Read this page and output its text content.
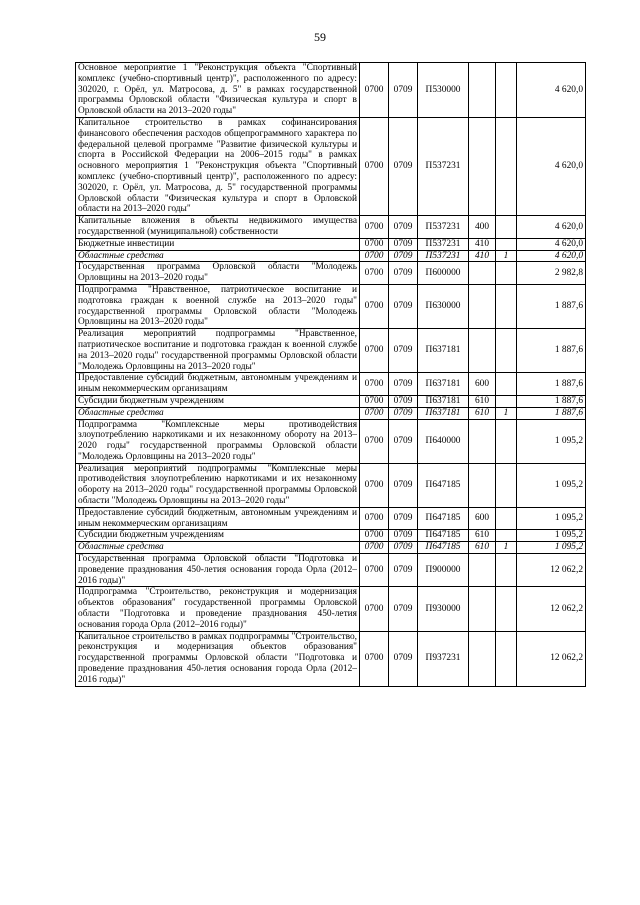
59
Основное мероприятие 1 "Реконструкция объекта "Спортивный комплекс (учебно-спортивный центр)", расположенного по адресу: 302020, г. Орёл, ул. Матросова, д. 5" в рамках государственной программы Орловской области "Физическая культура и спорт в Орловской области на 2013–2020 годы"	0700	0709	П530000			4 620,0
Капитальное строительство в рамках софинансирования финансового обеспечения расходов общепрограммного характера по федеральной целевой программе "Развитие физической культуры и спорта в Российской Федерации на 2006–2015 годы" в рамках основного мероприятия 1 "Реконструкция объекта "Спортивный комплекс (учебно-спортивный центр)", расположенного по адресу: 302020, г. Орёл, ул. Матросова, д. 5" государственной программы Орловской области "Физическая культура и спорт в Орловской области на 2013–2020 годы"	0700	0709	П537231			4 620,0
Капитальные вложения в объекты недвижимого имущества государственной (муниципальной) собственности	0700	0709	П537231	400		4 620,0
Бюджетные инвестиции	0700	0709	П537231	410		4 620,0
Областные средства	0700	0709	П537231	410	1	4 620,0
Государственная программа Орловской области "Молодежь Орловщины на 2013–2020 годы"	0700	0709	П600000			2 982,8
Подпрограмма "Нравственное, патриотическое воспитание и подготовка граждан к военной службе на 2013–2020 годы" государственной программы Орловской области "Молодежь Орловщины на 2013–2020 годы"	0700	0709	П630000			1 887,6
Реализация мероприятий подпрограммы "Нравственное, патриотическое воспитание и подготовка граждан к военной службе на 2013–2020 годы" государственной программы Орловской области "Молодежь Орловщины на 2013–2020 годы"	0700	0709	П637181			1 887,6
Предоставление субсидий бюджетным, автономным учреждениям и иным некоммерческим организациям	0700	0709	П637181	600		1 887,6
Субсидии бюджетным учреждениям	0700	0709	П637181	610		1 887,6
Областные средства	0700	0709	П637181	610	1	1 887,6
Подпрограмма "Комплексные меры противодействия злоупотреблению наркотиками и их незаконному обороту на 2013–2020 годы" государственной программы Орловской области "Молодежь Орловщины на 2013–2020 годы"	0700	0709	П640000			1 095,2
Реализация мероприятий подпрограммы "Комплексные меры противодействия злоупотреблению наркотиками и их незаконному обороту на 2013–2020 годы" государственной программы Орловской области "Молодежь Орловщины на 2013–2020 годы"	0700	0709	П647185			1 095,2
Предоставление субсидий бюджетным, автономным учреждениям и иным некоммерческим организациям	0700	0709	П647185	600		1 095,2
Субсидии бюджетным учреждениям	0700	0709	П647185	610		1 095,2
Областные средства	0700	0709	П647185	610	1	1 095,2
Государственная программа Орловской области "Подготовка и проведение празднования 450-летия основания города Орла (2012–2016 годы)"	0700	0709	П900000			12 062,2
Подпрограмма "Строительство, реконструкция и модернизация объектов образования" государственной программы Орловской области "Подготовка и проведение празднования 450-летия основания города Орла (2012–2016 годы)"	0700	0709	П930000			12 062,2
Капитальное строительство в рамках подпрограммы "Строительство, реконструкция и модернизация объектов образования" государственной программы Орловской области "Подготовка и проведение празднования 450-летия основания города Орла (2012–2016 годы)"	0700	0709	П937231			12 062,2
